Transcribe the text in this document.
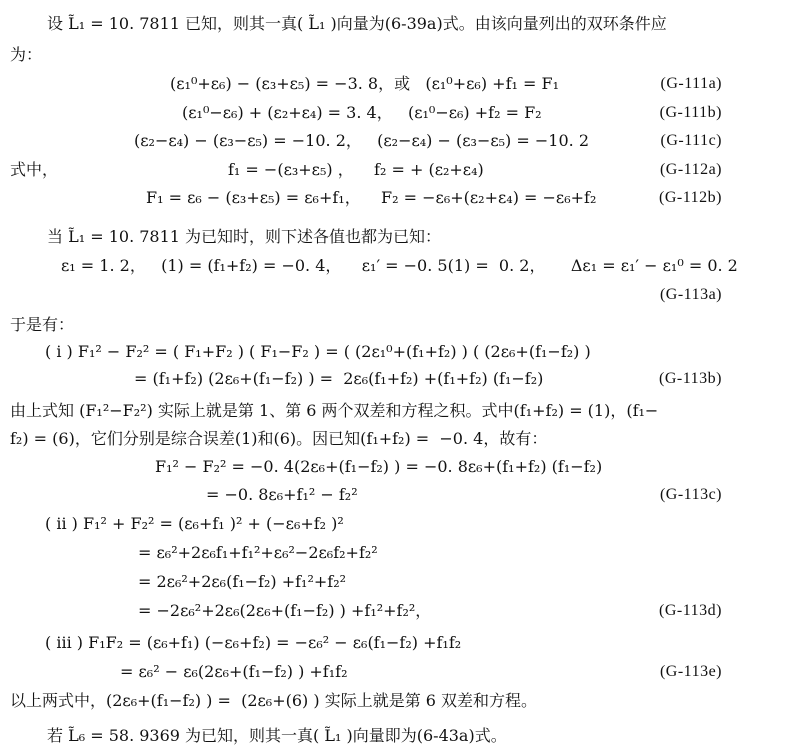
设 L̃₁ = 10. 7811 已知，则其一真( L̃₁ )向量为(6-39a)式。由该向量列出的双环条件应
为：
(ε₁⁰+ε₆) − (ε₃+ε₅) = −3. 8，或   (ε₁⁰+ε₆) +f₁ = F₁	(G-111a)
(ε₁⁰−ε₆) + (ε₂+ε₄) = 3. 4，   (ε₁⁰−ε₆) +f₂ = F₂	(G-111b)
(ε₂−ε₄) − (ε₃−ε₅) = −10. 2，   (ε₂−ε₄) − (ε₃−ε₅) = −10. 2	(G-111c)
式中，	(G-112a)
f₁ = −(ε₃+ε₅) ，    f₂ = + (ε₂+ε₄)
F₁ = ε₆ − (ε₃+ε₅) = ε₆+f₁，    F₂ = −ε₆+(ε₂+ε₄) = −ε₆+f₂	(G-112b)
当 L̃₁ = 10. 7811 为已知时，则下述各值也都为已知：
ε₁ = 1. 2，   (1) = (f₁+f₂) = −0. 4，    ε₁′ = −0. 5(1) =  0. 2，     Δε₁ = ε₁′ − ε₁⁰ = 0. 2
(G-113a)
于是有：
( ⅰ ) F₁² − F₂² = ( F₁+F₂ ) ( F₁−F₂ ) = ( (2ε₁⁰+(f₁+f₂) ) ( (2ε₆+(f₁−f₂) )
= (f₁+f₂) (2ε₆+(f₁−f₂) ) =  2ε₆(f₁+f₂) +(f₁+f₂) (f₁−f₂)	(G-113b)
由上式知 (F₁²−F₂²) 实际上就是第 1、第 6 两个双差和方程之积。式中(f₁+f₂) = (1)，(f₁−
f₂) = (6)，它们分别是综合误差(1)和(6)。因已知(f₁+f₂) =  −0. 4，故有：
F₁² − F₂² = −0. 4(2ε₆+(f₁−f₂) ) = −0. 8ε₆+(f₁+f₂) (f₁−f₂)
= −0. 8ε₆+f₁² − f₂²	(G-113c)
( ⅱ ) F₁² + F₂² = (ε₆+f₁ )² + (−ε₆+f₂ )²
= ε₆²+2ε₆f₁+f₁²+ε₆²−2ε₆f₂+f₂²
= 2ε₆²+2ε₆(f₁−f₂) +f₁²+f₂²
= −2ε₆²+2ε₆(2ε₆+(f₁−f₂) ) +f₁²+f₂²，	(G-113d)
( ⅲ ) F₁F₂ = (ε₆+f₁) (−ε₆+f₂) = −ε₆² − ε₆(f₁−f₂) +f₁f₂
= ε₆² − ε₆(2ε₆+(f₁−f₂) ) +f₁f₂	(G-113e)
以上两式中，(2ε₆+(f₁−f₂) ) =  (2ε₆+(6) ) 实际上就是第 6 双差和方程。
若 L̃₆ = 58. 9369 为已知，则其一真( L̃₁ )向量即为(6-43a)式。
